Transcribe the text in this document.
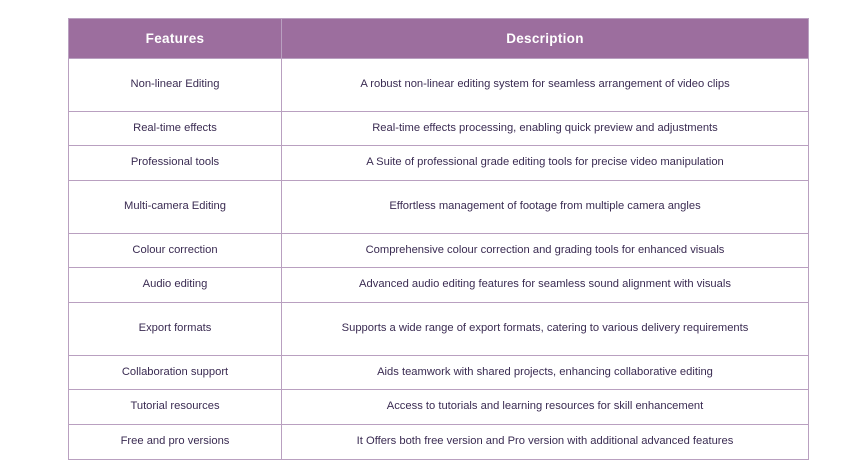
Features	Description
Non-linear Editing	A robust non-linear editing system for seamless arrangement of video clips
Real-time effects	Real-time effects processing, enabling quick preview and adjustments
Professional tools	A Suite of professional grade editing tools for precise video manipulation
Multi-camera Editing	Effortless management of footage from multiple camera angles
Colour correction	Comprehensive colour correction and grading tools for enhanced visuals
Audio editing	Advanced audio editing features for seamless sound alignment with visuals
Export formats	Supports a wide range of export formats, catering to various delivery requirements
Collaboration support	Aids teamwork with shared projects, enhancing collaborative editing
Tutorial resources	Access to tutorials and learning resources for skill enhancement
Free and pro versions	It Offers both free version and Pro version with additional advanced features
